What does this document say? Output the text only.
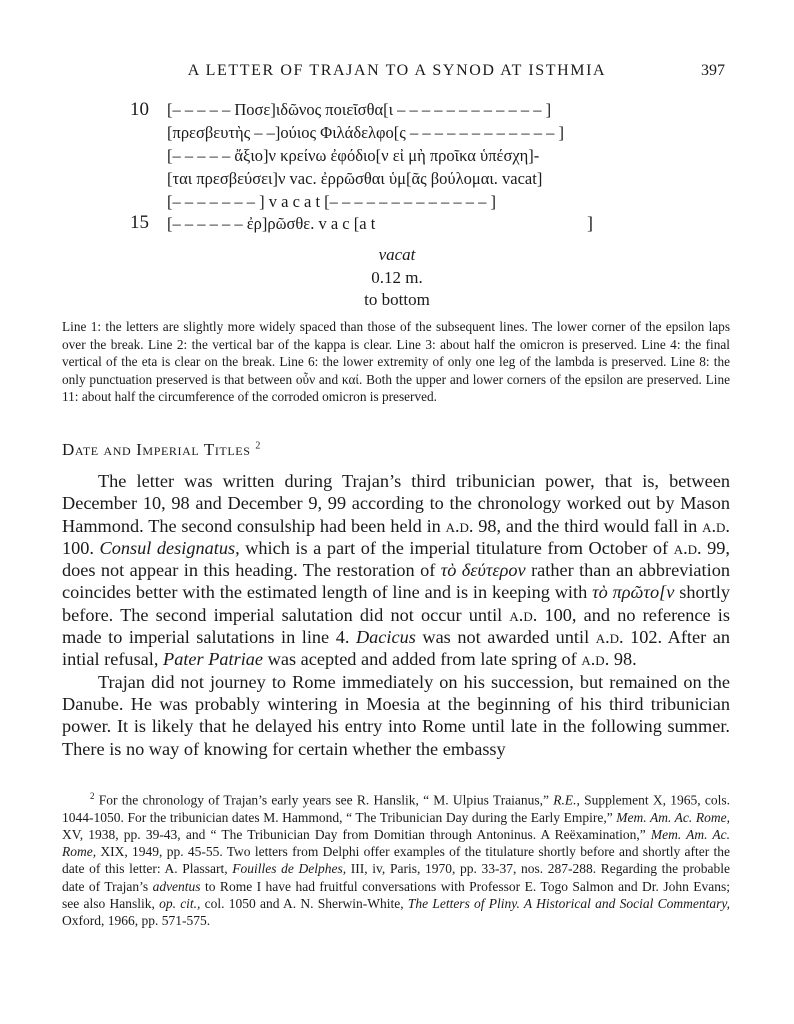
A LETTER OF TRAJAN TO A SYNOD AT ISTHMIA	397
10 [– – – – – Ποσε]ιδῶνος ποιεῖσθα[ι – – – – – – – – – – – – ]
[πρεσβευτὴς – –]ούιος Φιλάδελφο[ς – – – – – – – – – – – – ]
[– – – – – ἄξιο]ν κρείνω ἐφόδιο[ν εἰ μὴ προῖκα ὑπέσχη]-
[ται πρεσβεύσει]ν vac. ἐρρῶσθαι ὑμ[ᾶς βούλομαι. vacat]
[– – – – – – – ] v a c a t [– – – – – – – – – – – – – ]
15 [– – – – – – ἐρ]ρῶσθε. v a c [a t	]
vacat
0.12 m.
to bottom
Line 1: the letters are slightly more widely spaced than those of the subsequent lines. The lower corner of the epsilon laps over the break. Line 2: the vertical bar of the kappa is clear. Line 3: about half the omicron is preserved. Line 4: the final vertical of the eta is clear on the break. Line 6: the lower extremity of only one leg of the lambda is preserved. Line 8: the only punctuation preserved is that between οὖν and καί. Both the upper and lower corners of the epsilon are preserved. Line 11: about half the circumference of the corroded omicron is preserved.
Date and Imperial Titles $^2$

The letter was written during Trajan’s third tribunician power, that is, between December 10, 98 and December 9, 99 according to the chronology worked out by Mason Hammond. The second consulship had been held in a.d. 98, and the third would fall in a.d. 100. Consul designatus, which is a part of the imperial titulature from October of a.d. 99, does not appear in this heading. The restoration of τὸ δεύτερον rather than an abbreviation coincides better with the estimated length of line and is in keeping with τὸ πρῶτο[ν shortly before. The second imperial salutation did not occur until a.d. 100, and no reference is made to imperial salutations in line 4. Dacicus was not awarded until a.d. 102. After an intial refusal, Pater Patriae was acepted and added from late spring of a.d. 98.

Trajan did not journey to Rome immediately on his succession, but remained on the Danube. He was probably wintering in Moesia at the beginning of his third tribunician power. It is likely that he delayed his entry into Rome until late in the following summer. There is no way of knowing for certain whether the embassy

$^2$ For the chronology of Trajan’s early years see R. Hanslik, “ M. Ulpius Traianus,” R.E., Supplement X, 1965, cols. 1044-1050. For the tribunician dates M. Hammond, “ The Tribunician Day during the Early Empire,” Mem. Am. Ac. Rome, XV, 1938, pp. 39-43, and “ The Tribunician Day from Domitian through Antoninus. A Reëxamination,” Mem. Am. Ac. Rome, XIX, 1949, pp. 45-55. Two letters from Delphi offer examples of the titulature shortly before and shortly after the date of this letter: A. Plassart, Fouilles de Delphes, III, iv, Paris, 1970, pp. 33-37, nos. 287-288. Regarding the probable date of Trajan’s adventus to Rome I have had fruitful conversations with Professor E. Togo Salmon and Dr. John Evans; see also Hanslik, op. cit., col. 1050 and A. N. Sherwin-White, The Letters of Pliny. A Historical and Social Commentary, Oxford, 1966, pp. 571-575.
